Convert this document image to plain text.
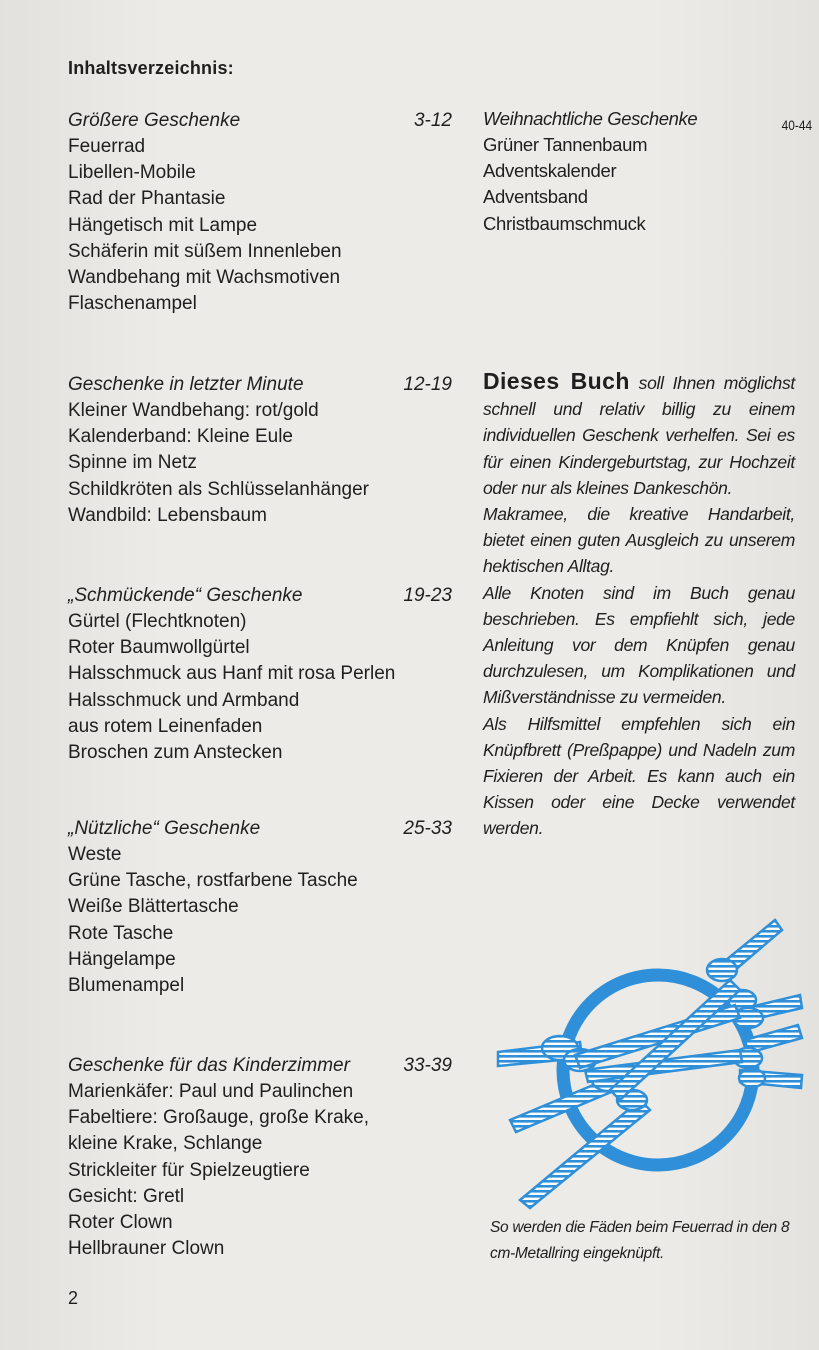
Inhaltsverzeichnis:
Größere Geschenke	3-12
Feuerrad
Libellen-Mobile
Rad der Phantasie
Hängetisch mit Lampe
Schäferin mit süßem Innenleben
Wandbehang mit Wachsmotiven
Flaschenampel
Geschenke in letzter Minute	12-19
Kleiner Wandbehang: rot/gold
Kalenderband: Kleine Eule
Spinne im Netz
Schildkröten als Schlüsselanhänger
Wandbild: Lebensbaum
„Schmückende“ Geschenke	19-23
Gürtel (Flechtknoten)
Roter Baumwollgürtel
Halsschmuck aus Hanf mit rosa Perlen
Halsschmuck und Armband
aus rotem Leinenfaden
Broschen zum Anstecken
„Nützliche“ Geschenke	25-33
Weste
Grüne Tasche, rostfarbene Tasche
Weiße Blättertasche
Rote Tasche
Hängelampe
Blumenampel
Geschenke für das Kinderzimmer	33-39
Marienkäfer: Paul und Paulinchen
Fabeltiere: Großauge, große Krake,
kleine Krake, Schlange
Strickleiter für Spielzeugtiere
Gesicht: Gretl
Roter Clown
Hellbrauner Clown
Weihnachtliche Geschenke	40-44
Grüner Tannenbaum
Adventskalender
Adventsband
Christbaumschmuck

Dieses Buch soll Ihnen möglichst schnell und relativ billig zu einem individuellen Geschenk verhelfen. Sei es für einen Kindergeburtstag, zur Hochzeit oder nur als kleines Dankeschön.

Makramee, die kreative Handarbeit, bietet einen guten Ausgleich zu unserem hektischen Alltag.

Alle Knoten sind im Buch genau beschrieben. Es empfiehlt sich, jede Anleitung vor dem Knüpfen genau durchzulesen, um Komplikationen und Mißverständnisse zu vermeiden.

Als Hilfsmittel empfehlen sich ein Knüpfbrett (Preßpappe) und Nadeln zum Fixieren der Arbeit. Es kann auch ein Kissen oder eine Decke verwendet werden.

So werden die Fäden beim Feuerrad in den 8 cm-Metallring eingeknüpft.
2
